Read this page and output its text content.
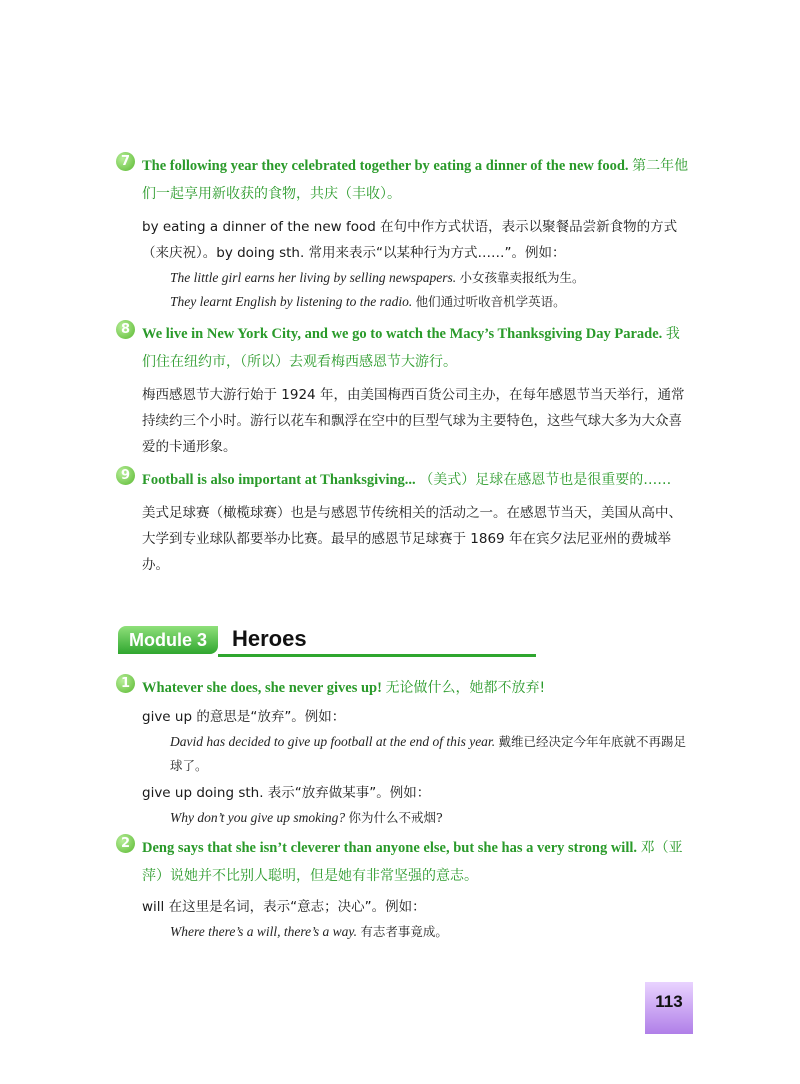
7 The following year they celebrated together by eating a dinner of the new food. 第二年他们一起享用新收获的食物，共庆（丰收）。

by eating a dinner of the new food 在句中作方式状语，表示以聚餐品尝新食物的方式（来庆祝）。by doing sth. 常用来表示“以某种行为方式……”。例如：

The little girl earns her living by selling newspapers. 小女孩靠卖报纸为生。

They learnt English by listening to the radio. 他们通过听收音机学英语。

8 We live in New York City, and we go to watch the Macy’s Thanksgiving Day Parade. 我们住在纽约市，（所以）去观看梅西感恩节大游行。

梅西感恩节大游行始于 1924 年，由美国梅西百货公司主办，在每年感恩节当天举行，通常持续约三个小时。游行以花车和飘浮在空中的巨型气球为主要特色，这些气球大多为大众喜爱的卡通形象。

9 Football is also important at Thanksgiving... （美式）足球在感恩节也是很重要的……

美式足球赛（橄榄球赛）也是与感恩节传统相关的活动之一。在感恩节当天，美国从高中、大学到专业球队都要举办比赛。最早的感恩节足球赛于 1869 年在宾夕法尼亚州的费城举办。

Module 3	Heroes
1 Whatever she does, she never gives up! 无论做什么，她都不放弃!

give up 的意思是“放弃”。例如：

David has decided to give up football at the end of this year. 戴维已经决定今年年底就不再踢足球了。

give up doing sth. 表示“放弃做某事”。例如：

Why don’t you give up smoking? 你为什么不戒烟?

2 Deng says that she isn’t cleverer than anyone else, but she has a very strong will. 邓（亚萍）说她并不比别人聪明，但是她有非常坚强的意志。

will 在这里是名词，表示“意志；决心”。例如：

Where there’s a will, there’s a way. 有志者事竟成。

113
